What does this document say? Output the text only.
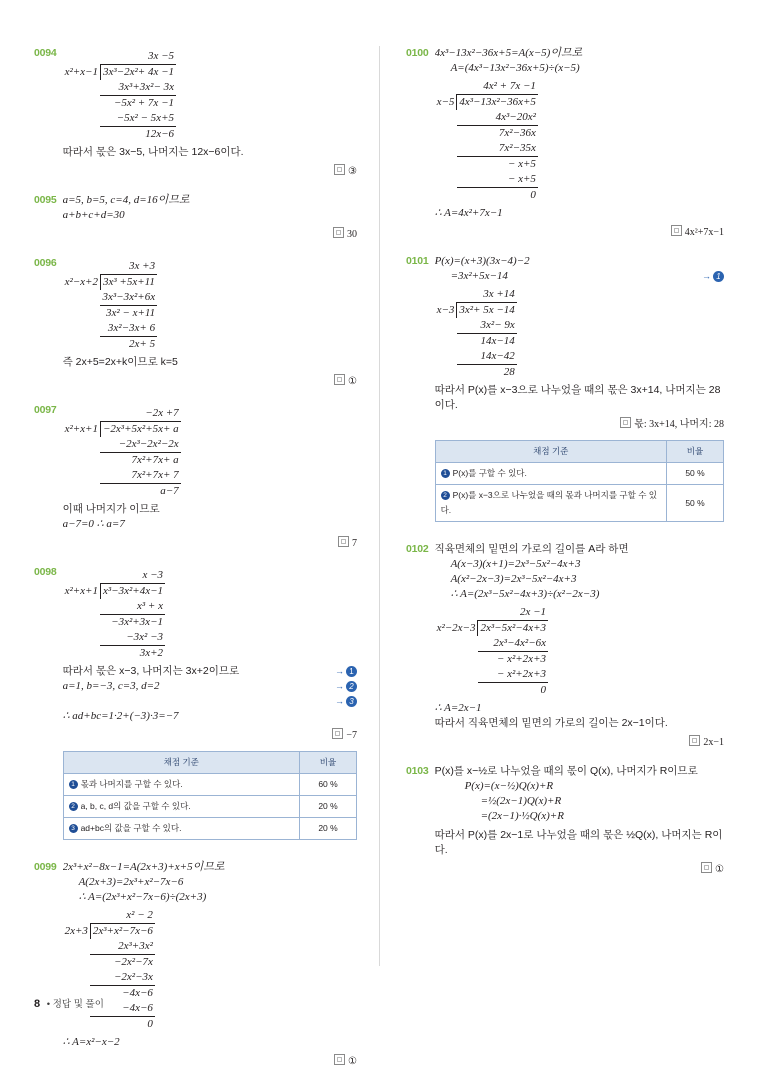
0094
		3x −5
x²+x−1	3x³−2x²+ 4x −1
	3x³+3x²− 3x
	−5x² + 7x −1
	−5x² − 5x+5
	12x−6
따라서 몫은 3x−5, 나머지는 12x−6이다.
③
0095 a=5, b=5, c=4, d=16이므로
a+b+c+d=30
30
0096
		3x +3
x²−x+2	3x³ +5x+11
	3x³−3x²+6x
	3x² − x+11
	3x²−3x+ 6
	2x+ 5
즉 2x+5=2x+k이므로 k=5
①
0097
		−2x +7
x²+x+1	−2x³+5x²+5x+ a
	−2x³−2x²−2x
	7x²+7x+ a
	7x²+7x+ 7
	a−7
이때 나머지가 이므로
a−7=0 ∴ a=7
7
0098
		x −3
x²+x+1	x³−3x²+4x−1
	x³ + x
	−3x²+3x−1
	−3x² −3
	3x+2
따라서 몫은 x−3, 나머지는 3x+2이므로	→ 1
a=1, b=−3, c=3, d=2	→ 2
→ 3
∴ ad+bc=1·2+(−3)·3=−7
−7
채점 기준	비율
1 몫과 나머지를 구할 수 있다.	60 %
2 a, b, c, d의 값을 구할 수 있다.	20 %
3 ad+bc의 값을 구할 수 있다.	20 %
0099 2x³+x²−8x−1=A(2x+3)+x+5이므로
A(2x+3)=2x³+x²−7x−6
∴ A=(2x³+x²−7x−6)÷(2x+3)
	x² − 2
2x+3	2x³+x²−7x−6
	2x³+3x²
	−2x²−7x
	−2x²−3x
	−4x−6
	−4x−6
	0
∴ A=x²−x−2
①
0100 4x³−13x²−36x+5=A(x−5)이므로
A=(4x³−13x²−36x+5)÷(x−5)
	4x² + 7x −1
x−5	4x³−13x²−36x+5
	4x³−20x²
	7x²−36x
	7x²−35x
	− x+5
	− x+5
	0
∴ A=4x²+7x−1
4x²+7x−1
0101 P(x)=(x+3)(3x−4)−2
=3x²+5x−14	→ 1
	3x +14
x−3	3x²+ 5x −14
	3x²− 9x
	14x−14
	14x−42
	28
따라서 P(x)를 x−3으로 나누었을 때의 몫은 3x+14, 나머지는 28이다.
몫: 3x+14, 나머지: 28
채점 기준	비율
1 P(x)를 구할 수 있다.	50 %
2 P(x)를 x−3으로 나누었을 때의 몫과 나머지를 구할 수 있다.	50 %
0102 직육면체의 밑면의 가로의 길이를 A라 하면
A(x−3)(x+1)=2x³−5x²−4x+3
A(x²−2x−3)=2x³−5x²−4x+3
∴ A=(2x³−5x²−4x+3)÷(x²−2x−3)
	2x −1
x²−2x−3	2x³−5x²−4x+3
	2x³−4x²−6x
	− x²+2x+3
	− x²+2x+3
	0
∴ A=2x−1
따라서 직육면체의 밑면의 가로의 길이는 2x−1이다.
2x−1
0103 P(x)를 x−½로 나누었을 때의 몫이 Q(x), 나머지가 R이므로
P(x)=(x−½)Q(x)+R
=½(2x−1)Q(x)+R
=(2x−1)·½Q(x)+R
따라서 P(x)를 2x−1로 나누었을 때의 몫은 ½Q(x), 나머지는 R이다.
①
8 • 정답 및 풀이
